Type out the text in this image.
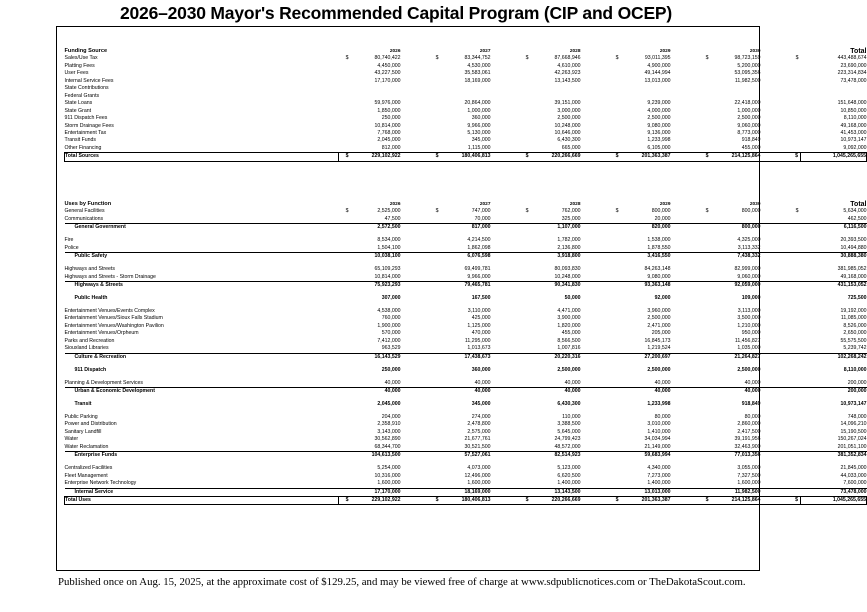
2026–2030 Mayor's Recommended Capital Program (CIP and OCEP)
Funding Source		2026			2027			2028			2029			2030			Total
Sales/Use Tax	$	80,740,422		$	83,344,752		$	87,668,946		$	93,011,395		$	98,723,159		$	443,488,674
Platting Fees		4,450,000			4,530,000			4,610,000			4,900,000			5,200,000			23,690,000
User Fees		43,227,500			35,583,061			42,263,923			49,144,994			53,095,356			223,314,834
Internal Service Fees		17,170,000			18,169,000			13,143,500			13,013,000			11,982,500			73,478,000
State Contributions																	
Federal Grants																	
State Loans		59,976,000			20,864,000			39,151,000			9,239,000			22,418,000			151,648,000
State Grant		1,850,000			1,000,000			3,000,000			4,000,000			1,000,000			10,850,000
911 Dispatch Fees		250,000			360,000			2,500,000			2,500,000			2,500,000			8,110,000
Storm Drainage Fees		10,814,000			9,966,000			10,248,000			9,080,000			9,060,000			49,168,000
Entertainment Tax		7,768,000			5,130,000			10,646,000			9,136,000			8,773,000			41,453,000
Transit Funds		2,045,000			345,000			6,430,300			1,233,998			918,849			10,973,147
Other Financing		812,000			1,115,000			665,000			6,105,000			455,000			9,092,000
Total Sources	$	229,102,922		$	180,406,813		$	220,266,669		$	201,363,387		$	214,125,864		$	1,045,265,655
Uses by Function		2026			2027			2028			2029			2030			Total
General Facilities	$	2,525,000		$	747,000		$	762,000		$	800,000		$	800,000		$	5,634,000
Communications		47,500			70,000			325,000			20,000						462,500
General Government		2,572,500			817,000			1,107,000			820,000			800,000			6,116,500

Fire		8,534,000			4,214,500			1,782,000			1,538,000			4,325,000			20,393,500
Police		1,504,100			1,862,098			2,136,800			1,878,550			3,113,332			10,494,880
Public Safety		10,038,100			6,076,598			3,918,800			3,416,550			7,438,332			30,888,380

Highways and Streets		65,109,293			69,499,781			80,093,830			84,263,148			82,999,000			381,985,052
Highways and Streets - Storm Drainage		10,814,000			9,966,000			10,248,000			9,080,000			9,060,000			49,168,000
Highways & Streets		75,923,293			79,465,781			90,341,830			93,363,148			92,059,000			431,153,052

Public Health		307,000			167,500			50,000			92,000			109,000			725,500

Entertainment Venues/Events Complex		4,538,000			3,110,000			4,471,000			3,960,000			3,113,000			19,192,000
Entertainment Venues/Sioux Falls Stadium		760,000			425,000			3,900,000			2,500,000			3,500,000			11,085,000
Entertainment Venues/Washington Pavilion		1,900,000			1,125,000			1,820,000			2,471,000			1,210,000			8,526,000
Entertainment Venues/Orpheum		570,000			470,000			455,000			205,000			950,000			2,650,000
Parks and Recreation		7,412,000			11,295,000			8,566,500			16,845,173			11,456,827			55,575,500
Siouxland Libraries		963,529			1,013,673			1,007,816			1,219,524			1,035,000			5,239,742
Culture & Recreation		16,143,529			17,438,673			20,220,316			27,200,697			21,264,827			102,268,242

911 Dispatch		250,000			360,000			2,500,000			2,500,000			2,500,000			8,110,000

Planning & Development Services		40,000			40,000			40,000			40,000			40,000			200,000
Urban & Economic Development		40,000			40,000			40,000			40,000			40,000			200,000

Transit		2,045,000			345,000			6,430,300			1,233,998			918,849			10,973,147

Public Parking		204,000			274,000			110,000			80,000			80,000			748,000
Power and Distribution		2,358,910			2,478,800			3,388,500			3,010,000			2,860,000			14,096,210
Sanitary Landfill		3,143,000			2,575,000			5,645,000			1,410,000			2,417,500			15,190,500
Water		30,562,890			21,677,761			24,799,423			34,034,994			39,191,956			150,267,024
Water Reclamation		68,344,700			30,521,500			48,572,000			21,149,000			32,463,900			201,051,100
Enterprise Funds		104,613,500			57,527,061			82,514,923			59,683,994			77,013,356			381,352,834

Centralized Facilities		5,254,000			4,073,000			5,123,000			4,340,000			3,055,000			21,845,000
Fleet Management		10,316,000			12,496,000			6,620,500			7,273,000			7,327,500			44,033,000
Enterprise Network Technology		1,600,000			1,600,000			1,400,000			1,400,000			1,600,000			7,600,000
Internal Service		17,170,000			18,169,000			13,143,500			13,013,000			11,982,500			73,478,000
Total Uses	$	229,102,922		$	180,406,813		$	220,266,669		$	201,363,387		$	214,125,864		$	1,045,265,655
Published once on Aug. 15, 2025, at the approximate cost of $129.25, and may be viewed free of charge at www.sdpublicnotices.com or TheDakotaScout.com.
